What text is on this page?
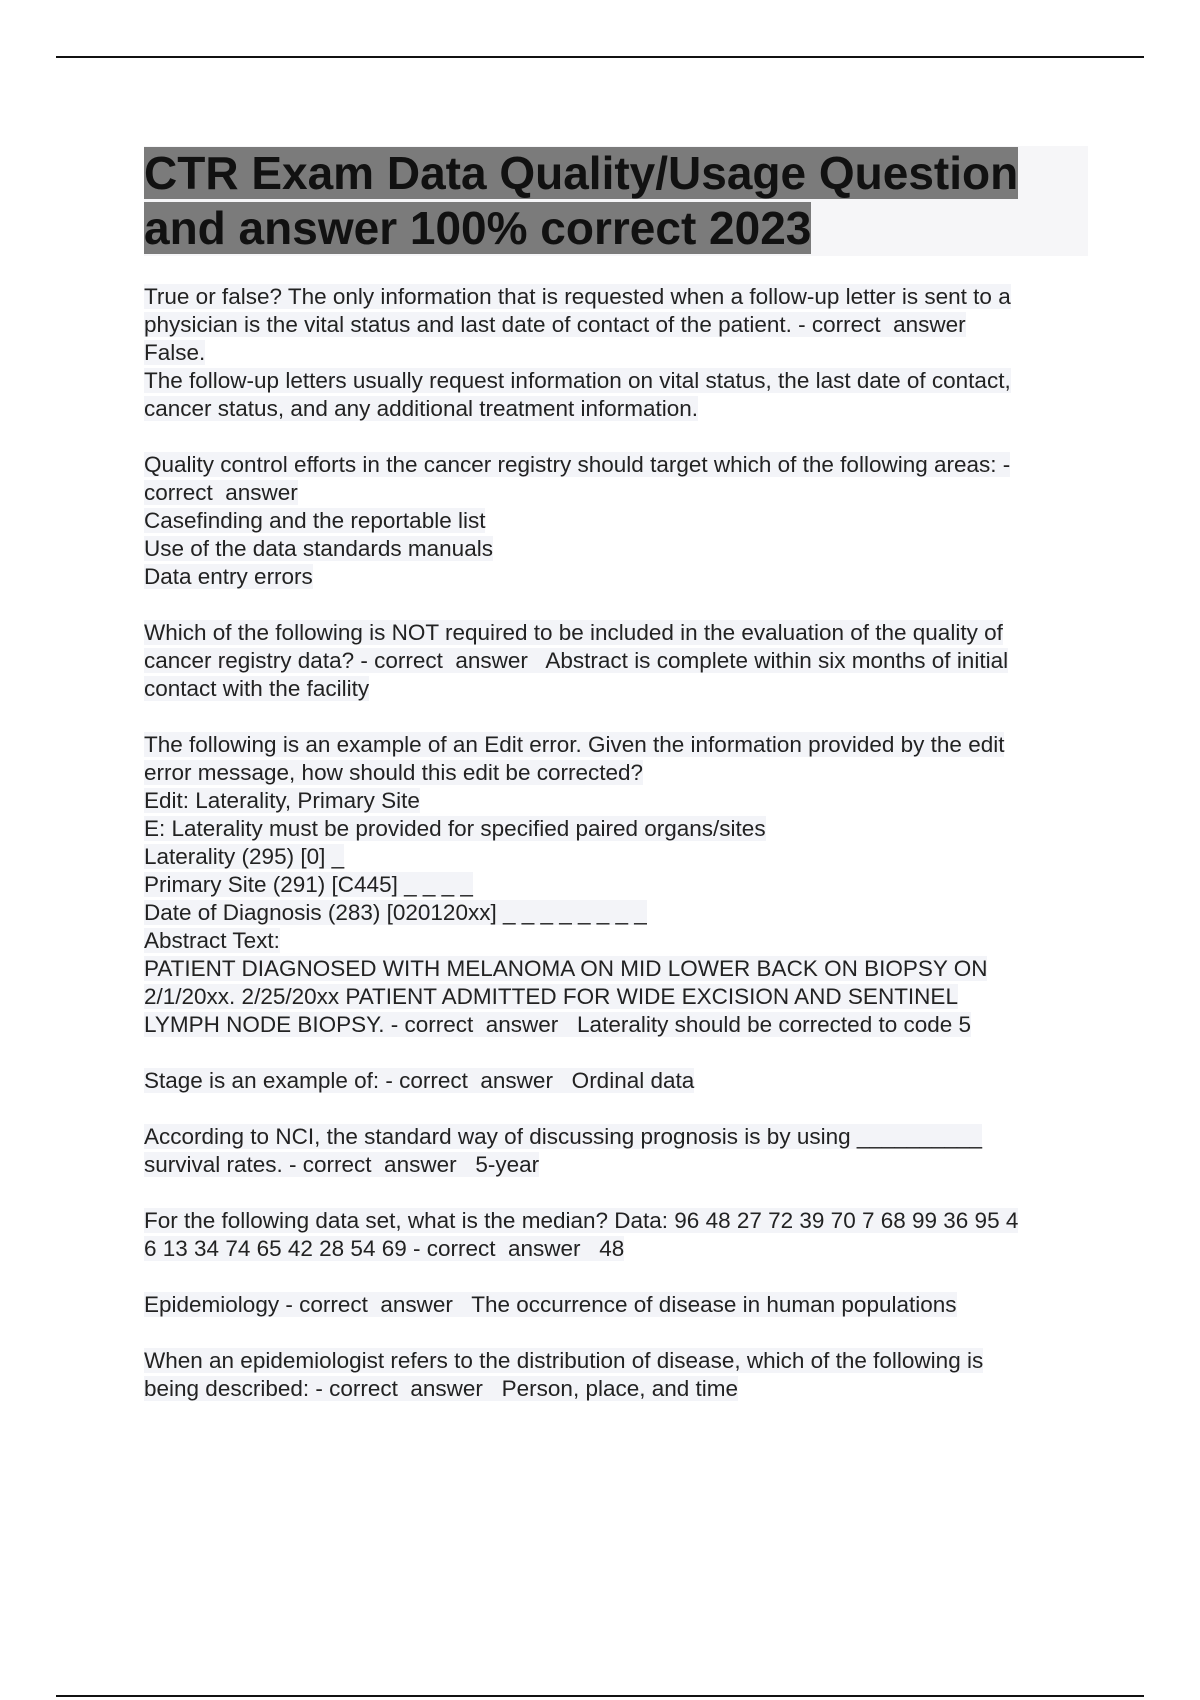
CTR Exam Data Quality/Usage Question
and answer 100% correct 2023
True or false? The only information that is requested when a follow-up letter is sent to a
physician is the vital status and last date of contact of the patient. - correct  answer
False.
The follow-up letters usually request information on vital status, the last date of contact,
cancer status, and any additional treatment information.
Quality control efforts in the cancer registry should target which of the following areas: -
correct  answer
Casefinding and the reportable list
Use of the data standards manuals
Data entry errors
Which of the following is NOT required to be included in the evaluation of the quality of
cancer registry data? - correct  answer   Abstract is complete within six months of initial
contact with the facility
The following is an example of an Edit error. Given the information provided by the edit
error message, how should this edit be corrected?
Edit: Laterality, Primary Site
E: Laterality must be provided for specified paired organs/sites
Laterality (295) [0] _
Primary Site (291) [C445] _ _ _ _
Date of Diagnosis (283) [020120xx] _ _ _ _ _ _ _ _
Abstract Text:
PATIENT DIAGNOSED WITH MELANOMA ON MID LOWER BACK ON BIOPSY ON
2/1/20xx. 2/25/20xx PATIENT ADMITTED FOR WIDE EXCISION AND SENTINEL
LYMPH NODE BIOPSY. - correct  answer   Laterality should be corrected to code 5
Stage is an example of: - correct  answer   Ordinal data
According to NCI, the standard way of discussing prognosis is by using __________
survival rates. - correct  answer   5-year
For the following data set, what is the median? Data: 96 48 27 72 39 70 7 68 99 36 95 4
6 13 34 74 65 42 28 54 69 - correct  answer   48
Epidemiology - correct  answer   The occurrence of disease in human populations
When an epidemiologist refers to the distribution of disease, which of the following is
being described: - correct  answer   Person, place, and time
